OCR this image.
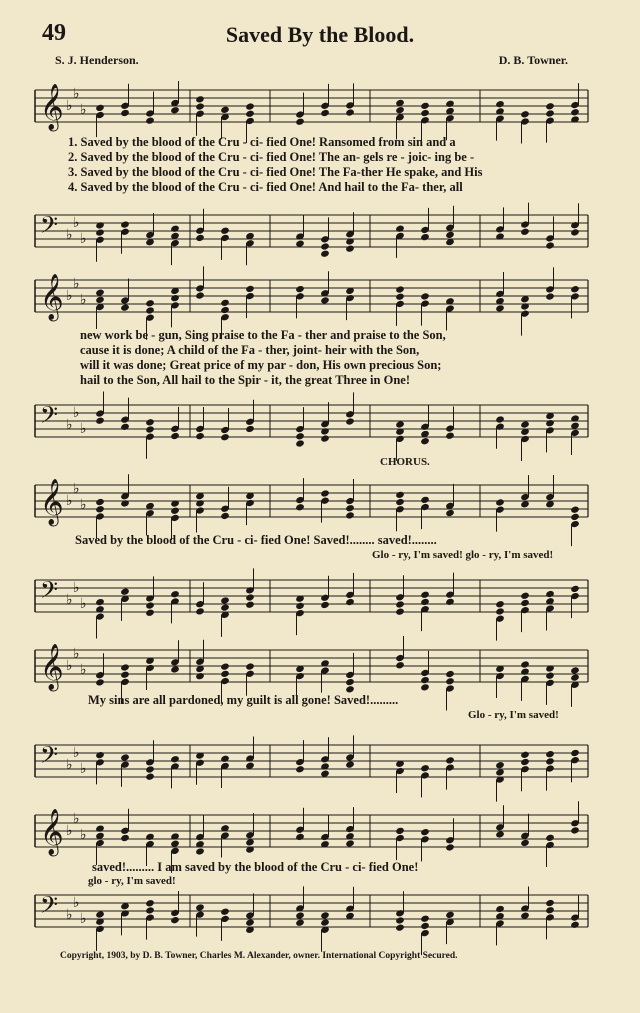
49	Saved By the Blood.
S. J. Henderson.	D. B. Towner.
𝄞 ♭
♭
♭
1. Saved by the blood of the Cru - ci- fied One! Ransomed from sin and a
2. Saved by the blood of the Cru - ci- fied One! The an- gels re - joic- ing be -
3. Saved by the blood of the Cru - ci- fied One! The Fa-ther He spake, and His
4. Saved by the blood of the Cru - ci- fied One! And hail to the Fa- ther, all
𝄢 ♭
♭
♭
𝄞 ♭
♭
♭
new work be - gun, Sing praise to the Fa - ther and praise to the Son,
cause it is done; A child of the Fa - ther, joint- heir with the Son,
will it was done; Great price of my par - don, His own precious Son;
hail to the Son, All hail to the Spir - it, the great Three in One!
𝄢 ♭
♭
♭
CHORUS.
𝄞 ♭
♭
♭
Saved by the blood of the Cru - ci- fied One! Saved!........ saved!........
Glo - ry, I'm saved! glo - ry, I'm saved!
𝄢 ♭
♭
♭
𝄞 ♭
♭
♭
My sins are all pardoned, my guilt is all gone! Saved!.........
Glo - ry, I'm saved!
𝄢 ♭
♭
♭
𝄞 ♭
♭
♭
saved!......... I am saved by the blood of the Cru - ci- fied One!
glo - ry, I'm saved!
𝄢 ♭
♭
♭
Copyright, 1903, by D. B. Towner, Charles M. Alexander, owner. International Copyright Secured.
